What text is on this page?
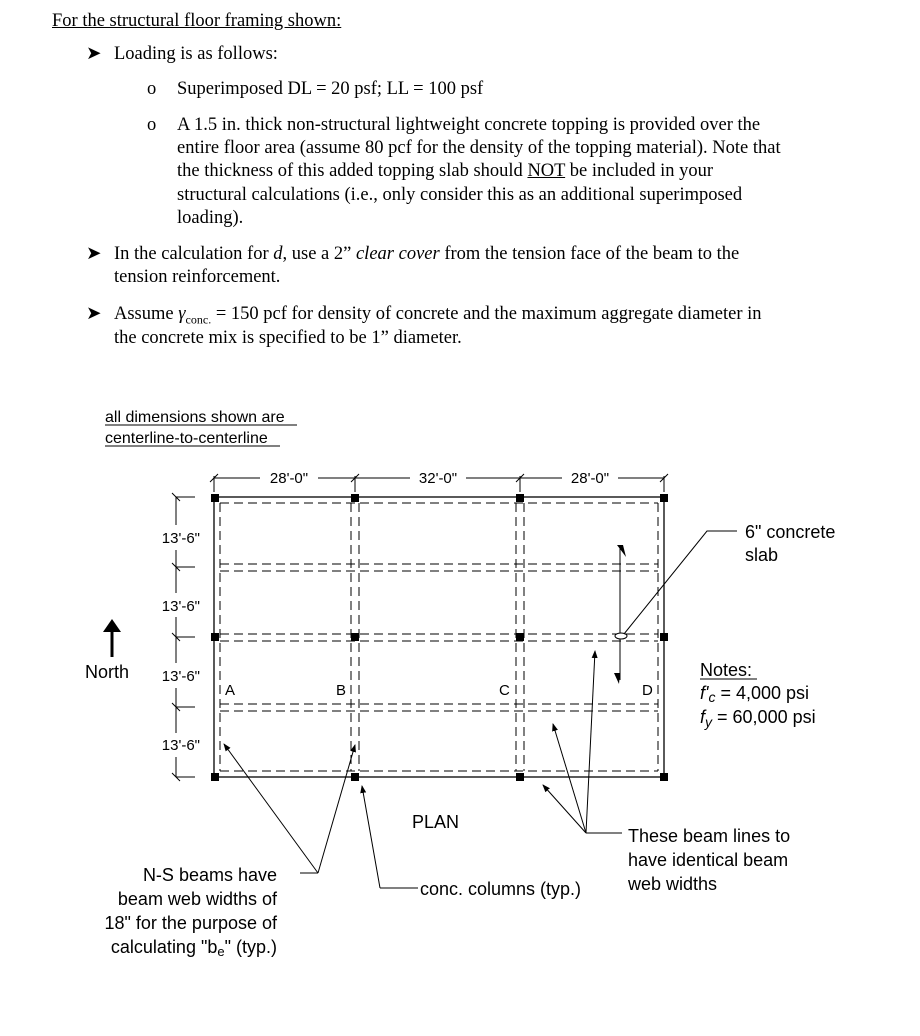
For the structural floor framing shown:
➤ Loading is as follows:
o Superimposed DL = 20 psf; LL = 100 psf
o A 1.5 in. thick non-structural lightweight concrete topping is provided over the
entire floor area (assume 80 pcf for the density of the topping material). Note that
the thickness of this added topping slab should NOT be included in your
structural calculations (i.e., only consider this as an additional superimposed
loading).
➤ In the calculation for d, use a 2” clear cover from the tension face of the beam to the
tension reinforcement.
➤ Assume $\gamma_{conc.} = 150$ pcf for density of concrete and the maximum aggregate diameter in
the concrete mix is specified to be 1” diameter.
all dimensions shown are
centerline-to-centerline
28'-0"	32'-0"	28'-0"
13'-6"
13'-6"
13'-6"
13'-6"
North
A	B	C	D
6" concrete
slab
Notes:
f'c = 4,000 psi
$f_y = 60,000$ psi
PLAN
These beam lines to
have identical beam
web widths
conc. columns (typ.)
N-S beams have
beam web widths of
18" for the purpose of
calculating "be" (typ.)
